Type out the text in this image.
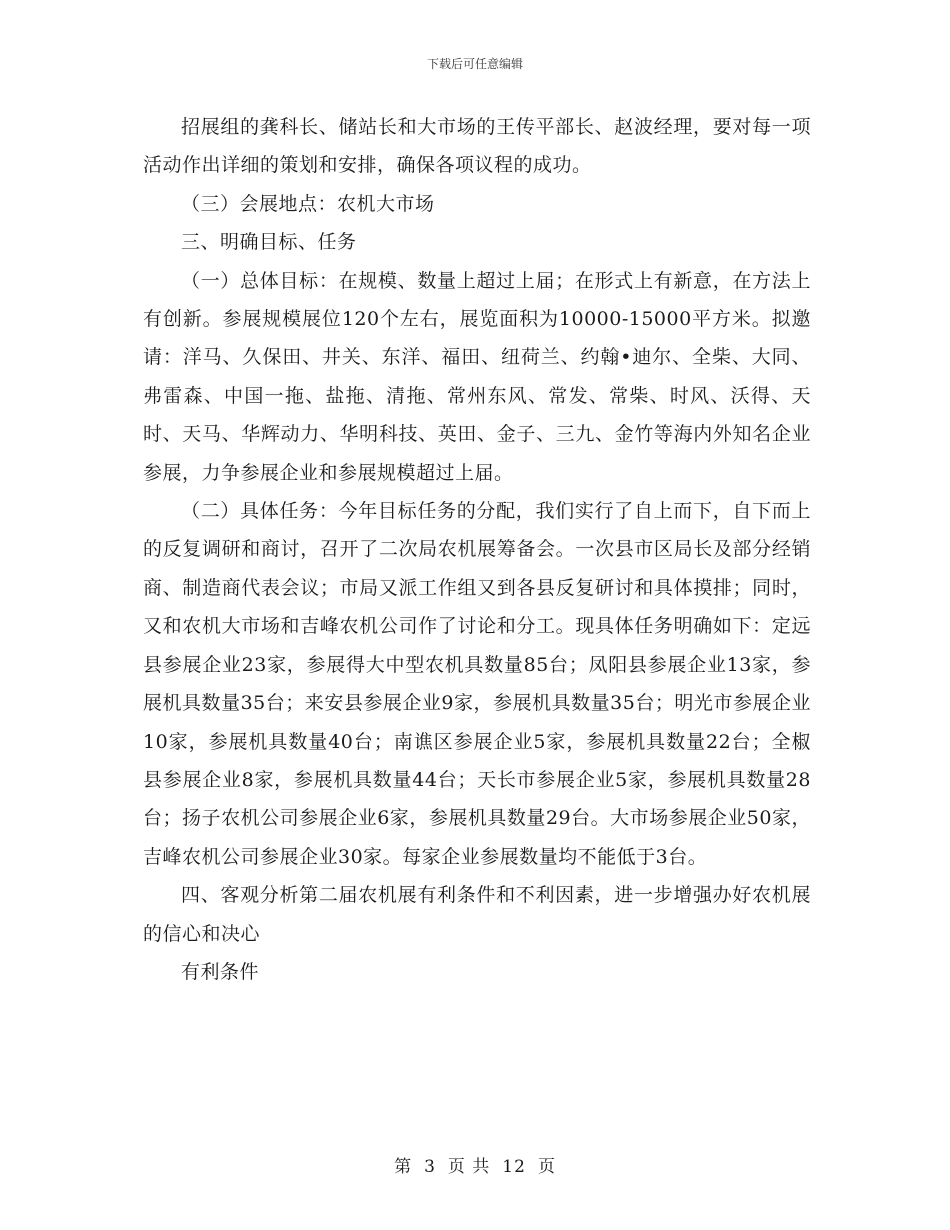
下载后可任意编辑

招展组的龚科长、储站长和大市场的王传平部长、赵波经理，要对每一项活动作出详细的策划和安排，确保各项议程的成功。

（三）会展地点：农机大市场

三、明确目标、任务

（一）总体目标：在规模、数量上超过上届；在形式上有新意，在方法上有创新。参展规模展位120个左右，展览面积为10000-15000平方米。拟邀请：洋马、久保田、井关、东洋、福田、纽荷兰、约翰•迪尔、全柴、大同、弗雷森、中国一拖、盐拖、清拖、常州东风、常发、常柴、时风、沃得、天时、天马、华辉动力、华明科技、英田、金子、三九、金竹等海内外知名企业参展，力争参展企业和参展规模超过上届。

（二）具体任务：今年目标任务的分配，我们实行了自上而下，自下而上的反复调研和商讨，召开了二次局农机展筹备会。一次县市区局长及部分经销商、制造商代表会议；市局又派工作组又到各县反复研讨和具体摸排；同时，又和农机大市场和吉峰农机公司作了讨论和分工。现具体任务明确如下：定远县参展企业23家，参展得大中型农机具数量85台；凤阳县参展企业13家，参展机具数量35台；来安县参展企业9家，参展机具数量35台；明光市参展企业10家，参展机具数量40台；南谯区参展企业5家，参展机具数量22台；全椒县参展企业8家，参展机具数量44台；天长市参展企业5家，参展机具数量28台；扬子农机公司参展企业6家，参展机具数量29台。大市场参展企业50家，吉峰农机公司参展企业30家。每家企业参展数量均不能低于3台。

四、客观分析第二届农机展有利条件和不利因素，进一步增强办好农机展的信心和决心

有利条件

第 3 页 共 12 页
